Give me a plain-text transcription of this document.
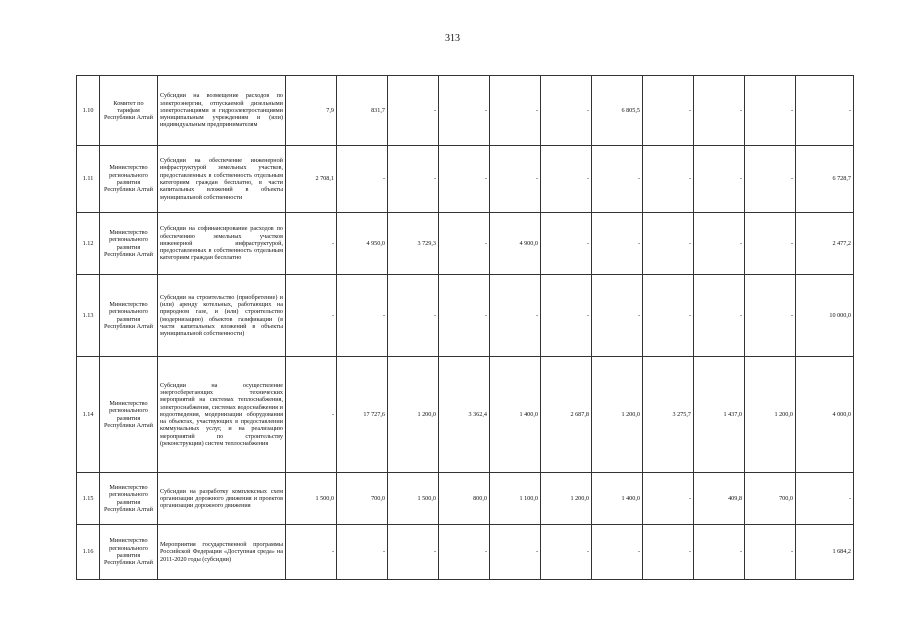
313
1.10	Комитет по тарифам Республики Алтай	Субсидии на возмещение расходов по электроэнергии, отпускаемой дизельными электростанциями и гидроэлектростанциями муниципальным учреждениям и (или) индивидуальным предпринимателям	7,9	831,7	-	-	-	-	6 805,5	-	-	-	-
1.11	Министерство регионального развития Республики Алтай	Субсидии на обеспечение инженерной инфраструктурой земельных участков, предоставленных в собственность отдельным категориям граждан бесплатно, в части капитальных вложений в объекты муниципальной собственности	2 708,1	-	-	-	-	-	-	-	-	-	6 728,7
1.12	Министерство регионального развития Республики Алтай	Субсидии на софинансирование расходов по обеспечению земельных участков инженерной инфраструктурой, предоставленных в собственность отдельным категориям граждан бесплатно	-	4 950,0	3 729,3	-	4 900,0	-	-	-	-	-	2 477,2
1.13	Министерство регионального развития Республики Алтай	Субсидии на строительство (приобретение) и (или) аренду котельных, работающих на природном газе, и (или) строительство (модернизацию) объектов газификации (в части капитальных вложений в объекты муниципальной собственности)	-	-	-	-	-	-	-	-	-	-	10 000,0
1.14	Министерство регионального развития Республики Алтай	Субсидии на осуществление энергосберегающих технических мероприятий на системах теплоснабжения, электроснабжения, системах водоснабжения и водоотведения, модернизации оборудования на объектах, участвующих в предоставлении коммунальных услуг, и на реализацию мероприятий по строительству (реконструкции) систем теплоснабжения	-	17 727,6	1 200,0	3 362,4	1 400,0	2 687,8	1 200,0	3 275,7	1 437,0	1 200,0	4 000,0
1.15	Министерство регионального развития Республики Алтай	Субсидии на разработку комплексных схем организации дорожного движения и проектов организации дорожного движения	1 500,0	700,0	1 500,0	800,0	1 100,0	1 200,0	1 400,0	-	409,8	700,0	-
1.16	Министерство регионального развития Республики Алтай	Мероприятия государственной программы Российской Федерации «Доступная среда» на 2011-2020 годы (субсидии)	-	-	-	-	-	-	-	-	-	-	1 684,2
